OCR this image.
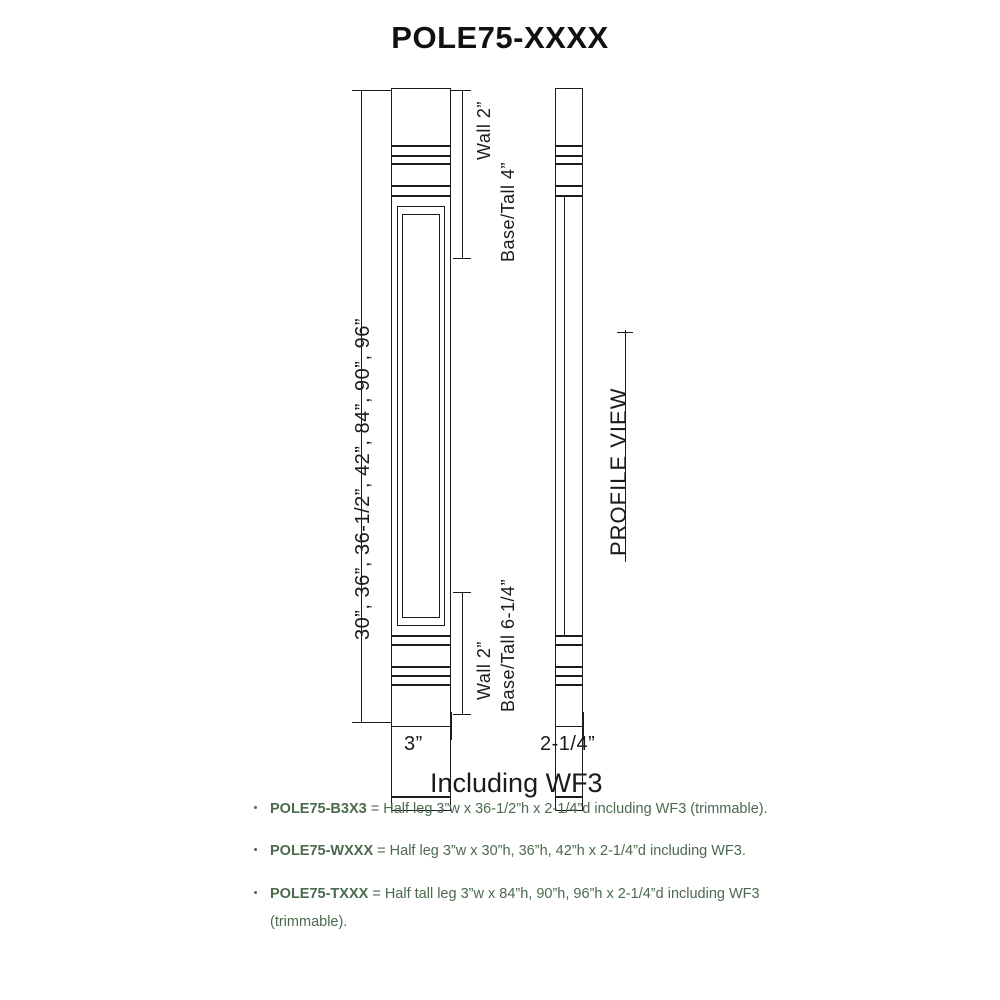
POLE75-XXXX
30”, 36”, 36-1/2”, 42”, 84”, 90”, 96”
Wall 2”
Base/Tall 4”
Wall 2” Base/Tall 6-1/4”
PROFILE VIEW
3”	2-1/4”
Including WF3
POLE75-B3X3 = Half leg 3”w x 36-1/2”h x 2-1/4”d including WF3 (trimmable).
POLE75-WXXX = Half leg 3”w x 30”h, 36”h, 42”h x 2-1/4”d including WF3.
POLE75-TXXX = Half tall leg 3”w x 84”h, 90”h, 96”h x 2-1/4”d including WF3 (trimmable).
